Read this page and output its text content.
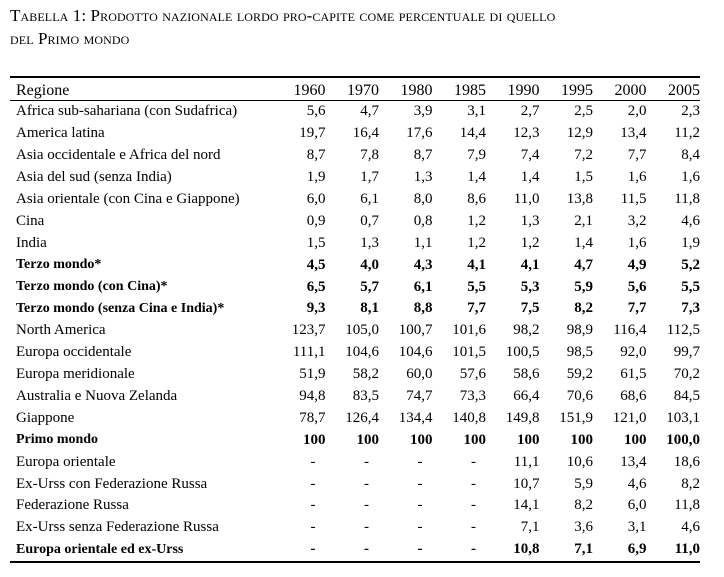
Tabella 1: Prodotto nazionale lordo pro-capite come percentuale di quello
del Primo mondo

Regione	1960	1970	1980	1985	1990	1995	2000	2005
Africa sub-sahariana (con Sudafrica)	5,6	4,7	3,9	3,1	2,7	2,5	2,0	2,3
America latina	19,7	16,4	17,6	14,4	12,3	12,9	13,4	11,2
Asia occidentale e Africa del nord	8,7	7,8	8,7	7,9	7,4	7,2	7,7	8,4
Asia del sud (senza India)	1,9	1,7	1,3	1,4	1,4	1,5	1,6	1,6
Asia orientale (con Cina e Giappone)	6,0	6,1	8,0	8,6	11,0	13,8	11,5	11,8
Cina	0,9	0,7	0,8	1,2	1,3	2,1	3,2	4,6
India	1,5	1,3	1,1	1,2	1,2	1,4	1,6	1,9
Terzo mondo*	4,5	4,0	4,3	4,1	4,1	4,7	4,9	5,2
Terzo mondo (con Cina)*	6,5	5,7	6,1	5,5	5,3	5,9	5,6	5,5
Terzo mondo (senza Cina e India)*	9,3	8,1	8,8	7,7	7,5	8,2	7,7	7,3
North America	123,7	105,0	100,7	101,6	98,2	98,9	116,4	112,5
Europa occidentale	111,1	104,6	104,6	101,5	100,5	98,5	92,0	99,7
Europa meridionale	51,9	58,2	60,0	57,6	58,6	59,2	61,5	70,2
Australia e Nuova Zelanda	94,8	83,5	74,7	73,3	66,4	70,6	68,6	84,5
Giappone	78,7	126,4	134,4	140,8	149,8	151,9	121,0	103,1
Primo mondo	100	100	100	100	100	100	100	100,0
Europa orientale	-	-	-	-	11,1	10,6	13,4	18,6
Ex-Urss con Federazione Russa	-	-	-	-	10,7	5,9	4,6	8,2
Federazione Russa	-	-	-	-	14,1	8,2	6,0	11,8
Ex-Urss senza Federazione Russa	-	-	-	-	7,1	3,6	3,1	4,6
Europa orientale ed ex-Urss	-	-	-	-	10,8	7,1	6,9	11,0
